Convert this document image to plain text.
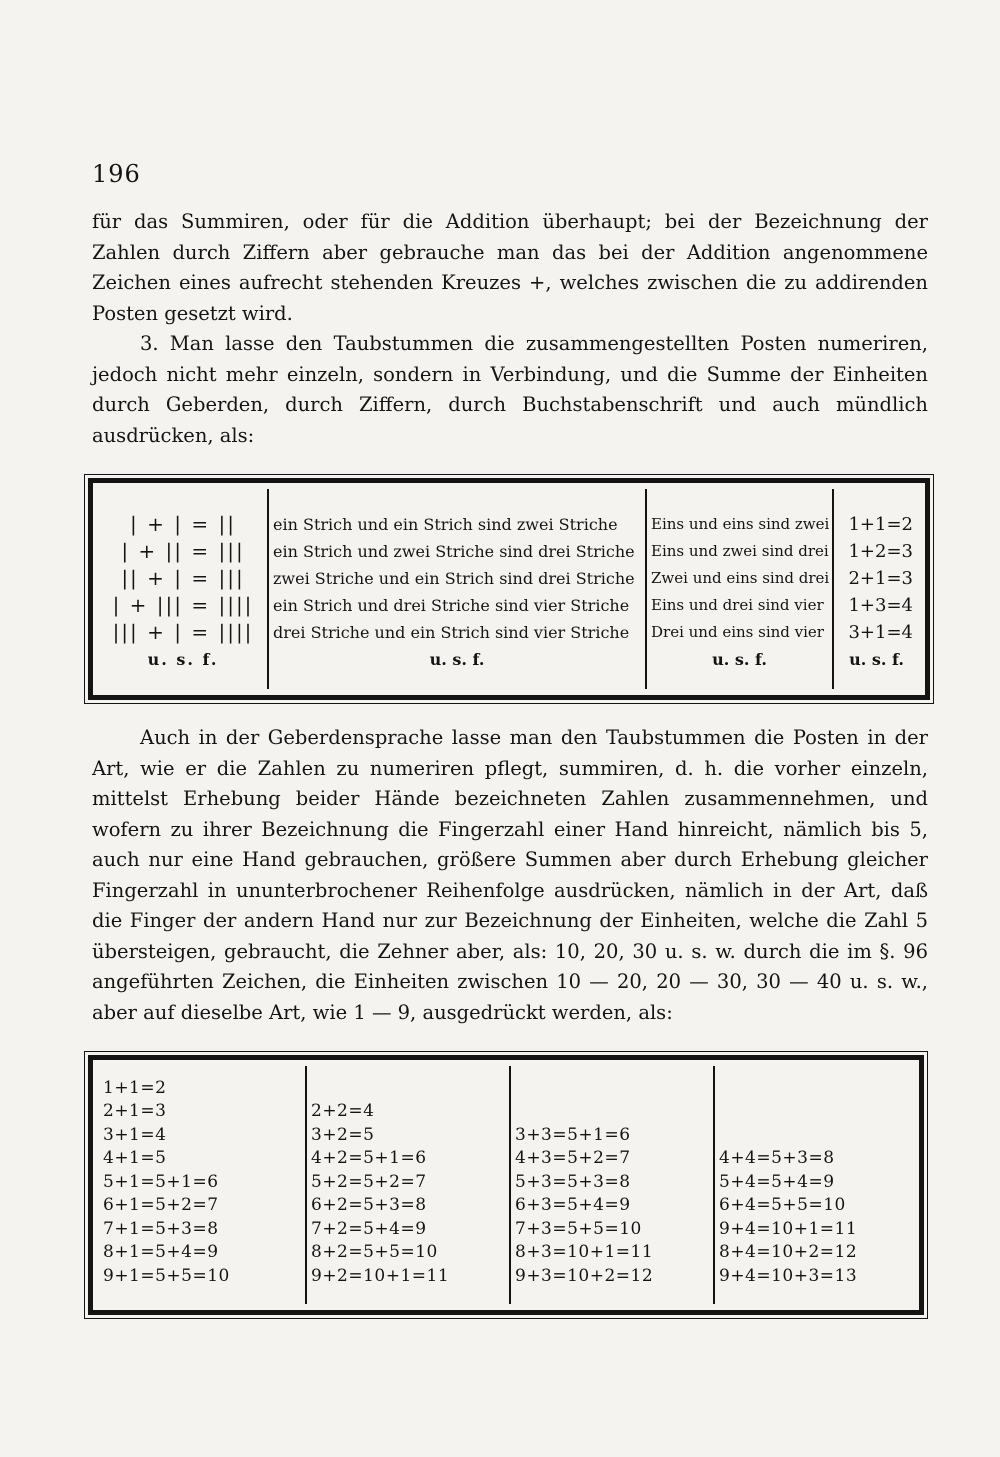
196

für das Summiren, oder für die Addition überhaupt; bei der Bezeichnung der Zahlen durch Ziffern aber gebrauche man das bei der Addition angenommene Zeichen eines aufrecht stehenden Kreuzes +, welches zwischen die zu addirenden Posten gesetzt wird.

3. Man lasse den Taubstummen die zusammengestellten Posten numeriren, jedoch nicht mehr einzeln, sondern in Verbindung, und die Summe der Einheiten durch Geberden, durch Ziffern, durch Buchstabenschrift und auch mündlich ausdrücken, als:

| + | = ||
| + || = |||
|| + | = |||
| + ||| = ||||
||| + | = ||||
u. s. f.
ein Strich und ein Strich sind zwei Striche
ein Strich und zwei Striche sind drei Striche
zwei Striche und ein Strich sind drei Striche
ein Strich und drei Striche sind vier Striche
drei Striche und ein Strich sind vier Striche
u. s. f.
Eins und eins sind zwei
Eins und zwei sind drei
Zwei und eins sind drei
Eins und drei sind vier
Drei und eins sind vier
u. s. f.
1+1=2
1+2=3
2+1=3
1+3=4
3+1=4
u. s. f.

Auch in der Geberdensprache lasse man den Taubstummen die Posten in der Art, wie er die Zahlen zu numeriren pflegt, summiren, d. h. die vorher einzeln, mittelst Erhebung beider Hände bezeichneten Zahlen zusammennehmen, und wofern zu ihrer Bezeichnung die Fingerzahl einer Hand hinreicht, nämlich bis 5, auch nur eine Hand gebrauchen, größere Summen aber durch Erhebung gleicher Fingerzahl in ununterbrochener Reihenfolge ausdrücken, nämlich in der Art, daß die Finger der andern Hand nur zur Bezeichnung der Einheiten, welche die Zahl 5 übersteigen, gebraucht, die Zehner aber, als: 10, 20, 30 u. s. w. durch die im §. 96 angeführten Zeichen, die Einheiten zwischen 10 — 20, 20 — 30, 30 — 40 u. s. w., aber auf dieselbe Art, wie 1 — 9, ausgedrückt werden, als:

1+1=2
2+1=3
3+1=4
4+1=5
5+1=5+1=6
6+1=5+2=7
7+1=5+3=8
8+1=5+4=9
9+1=5+5=10
2+2=4
3+2=5
4+2=5+1=6
5+2=5+2=7
6+2=5+3=8
7+2=5+4=9
8+2=5+5=10
9+2=10+1=11
3+3=5+1=6
4+3=5+2=7
5+3=5+3=8
6+3=5+4=9
7+3=5+5=10
8+3=10+1=11
9+3=10+2=12
4+4=5+3=8
5+4=5+4=9
6+4=5+5=10
9+4=10+1=11
8+4=10+2=12
9+4=10+3=13
